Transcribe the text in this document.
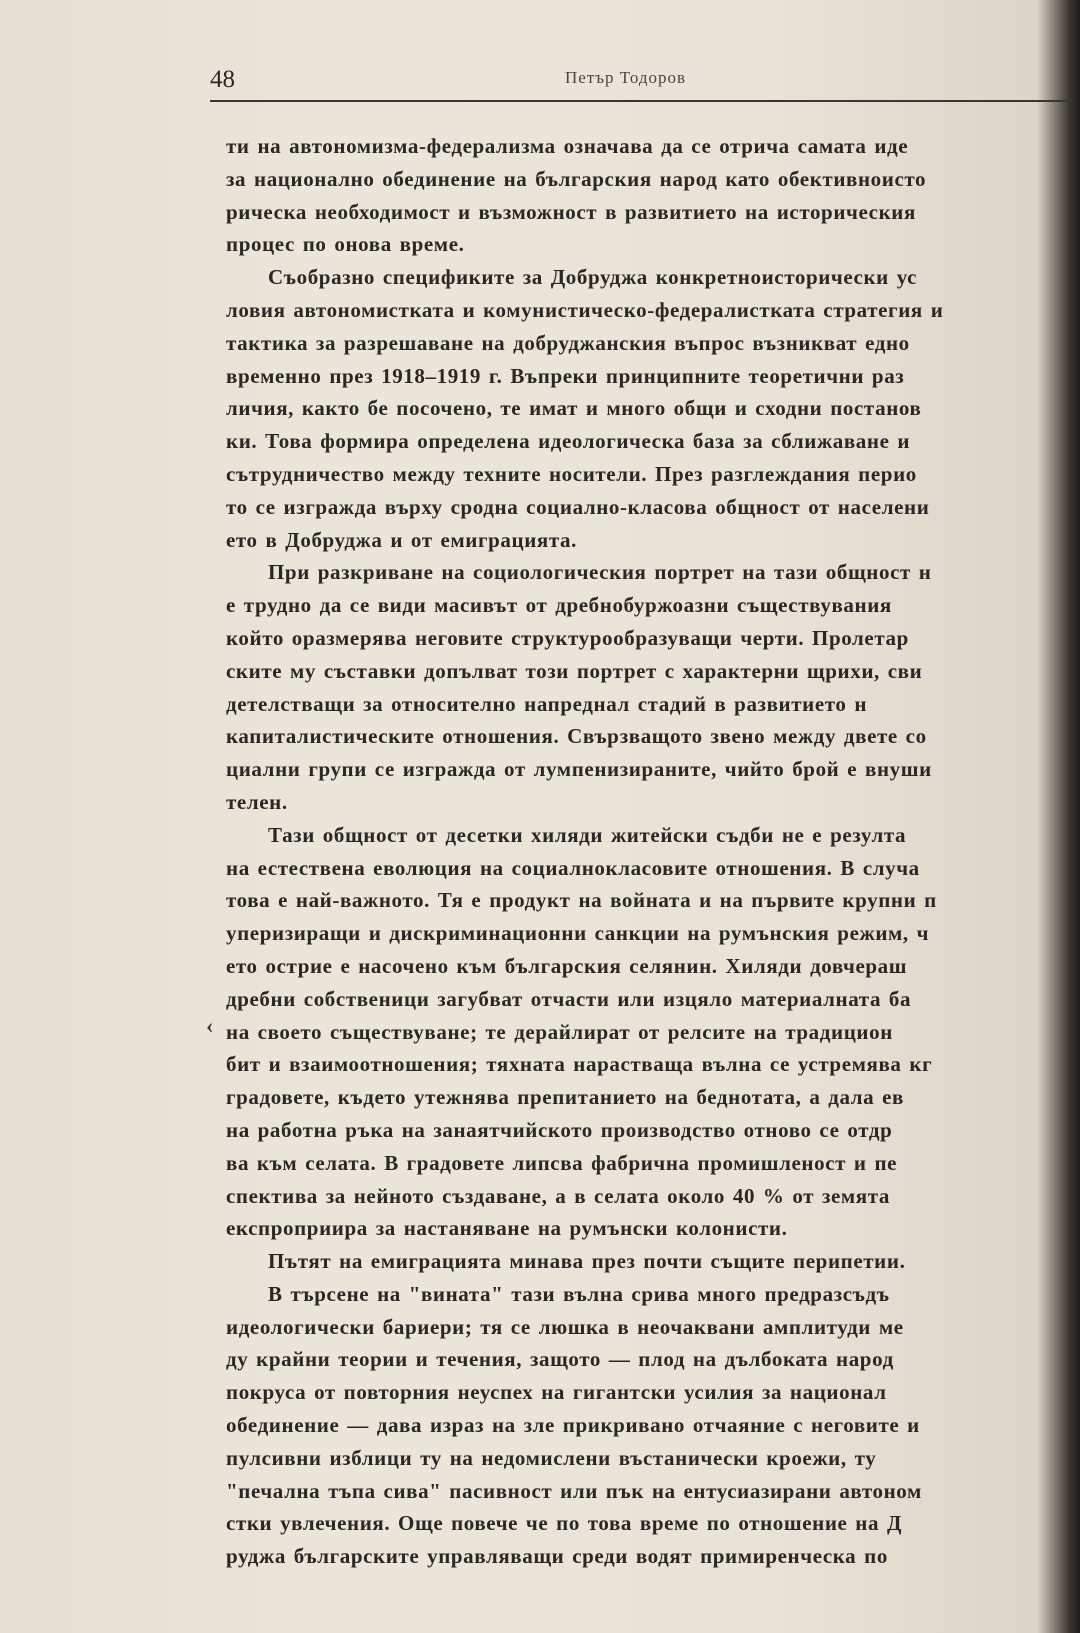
48	Петър Тодоров
‹
ти на автономизма-федерализма означава да се отрича самата иде
за национално обединение на българския народ като обективноисто
рическа необходимост и възможност в развитието на историческия
процес по онова време.
Съобразно спецификите за Добруджа конкретноисторически ус
ловия автономистката и комунистическо-федералистката стратегия и
тактика за разрешаване на добруджанския въпрос възникват едно
временно през 1918–1919 г. Въпреки принципните теоретични раз
личия, както бе посочено, те имат и много общи и сходни постанов
ки. Това формира определена идеологическа база за сближаване и
сътрудничество между техните носители. През разглеждания перио
то се изгражда върху сродна социално-класова общност от населени
ето в Добруджа и от емиграцията.
При разкриване на социологическия портрет на тази общност н
е трудно да се види масивът от дребнобуржоазни съществувания
който оразмерява неговите структурообразуващи черти. Пролетар
ските му съставки допълват този портрет с характерни щрихи, сви
детелстващи за относително напреднал стадий в развитието н
капиталистическите отношения. Свързващото звено между двете со
циални групи се изгражда от лумпенизираните, чийто брой е внуши
телен.
Тази общност от десетки хиляди житейски съдби не е резулта
на естествена еволюция на социалнокласовите отношения. В случа
това е най-важното. Тя е продукт на войната и на първите крупни п
уперизиращи и дискриминационни санкции на румънския режим, ч
ето острие е насочено към българския селянин. Хиляди довчераш
дребни собственици загубват отчасти или изцяло материалната ба
на своето съществуване; те дерайлират от релсите на традицион
бит и взаимоотношения; тяхната нарастваща вълна се устремява кг
градовете, където утежнява препитанието на беднотата, а дала ев
на работна ръка на занаятчийското производство отново се отдр
ва към селата. В градовете липсва фабрична промишленост и пе
спектива за нейното създаване, а в селата около 40 % от земята
експроприира за настаняване на румънски колонисти.
Пътят на емиграцията минава през почти същите перипетии.
В търсене на "вината" тази вълна срива много предразсъдъ
идеологически бариери; тя се люшка в неочаквани амплитуди ме
ду крайни теории и течения, защото — плод на дълбоката народ
покруса от повторния неуспех на гигантски усилия за национал
обединение — дава израз на зле прикривано отчаяние с неговите и
пулсивни изблици ту на недомислени въстанически кроежи, ту
"печална тъпа сива" пасивност или пък на ентусиазирани автоном
стки увлечения. Още повече че по това време по отношение на Д
руджа българските управляващи среди водят примиренческа по
